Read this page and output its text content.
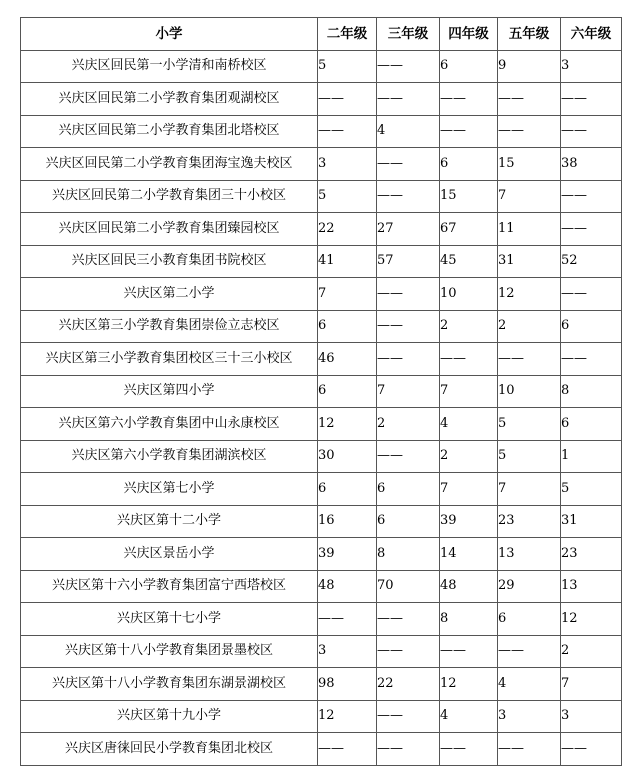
小学	二年级	三年级	四年级	五年级	六年级
兴庆区回民第一小学清和南桥校区	5	——	6	9	3
兴庆区回民第二小学教育集团观湖校区	——	——	——	——	——
兴庆区回民第二小学教育集团北塔校区	——	4	——	——	——
兴庆区回民第二小学教育集团海宝逸夫校区	3	——	6	15	38
兴庆区回民第二小学教育集团三十小校区	5	——	15	7	——
兴庆区回民第二小学教育集团臻园校区	22	27	67	11	——
兴庆区回民三小教育集团书院校区	41	57	45	31	52
兴庆区第二小学	7	——	10	12	——
兴庆区第三小学教育集团崇俭立志校区	6	——	2	2	6
兴庆区第三小学教育集团校区三十三小校区	46	——	——	——	——
兴庆区第四小学	6	7	7	10	8
兴庆区第六小学教育集团中山永康校区	12	2	4	5	6
兴庆区第六小学教育集团湖滨校区	30	——	2	5	1
兴庆区第七小学	6	6	7	7	5
兴庆区第十二小学	16	6	39	23	31
兴庆区景岳小学	39	8	14	13	23
兴庆区第十六小学教育集团富宁西塔校区	48	70	48	29	13
兴庆区第十七小学	——	——	8	6	12
兴庆区第十八小学教育集团景墨校区	3	——	——	——	2
兴庆区第十八小学教育集团东湖景湖校区	98	22	12	4	7
兴庆区第十九小学	12	——	4	3	3
兴庆区唐徕回民小学教育集团北校区	——	——	——	——	——
